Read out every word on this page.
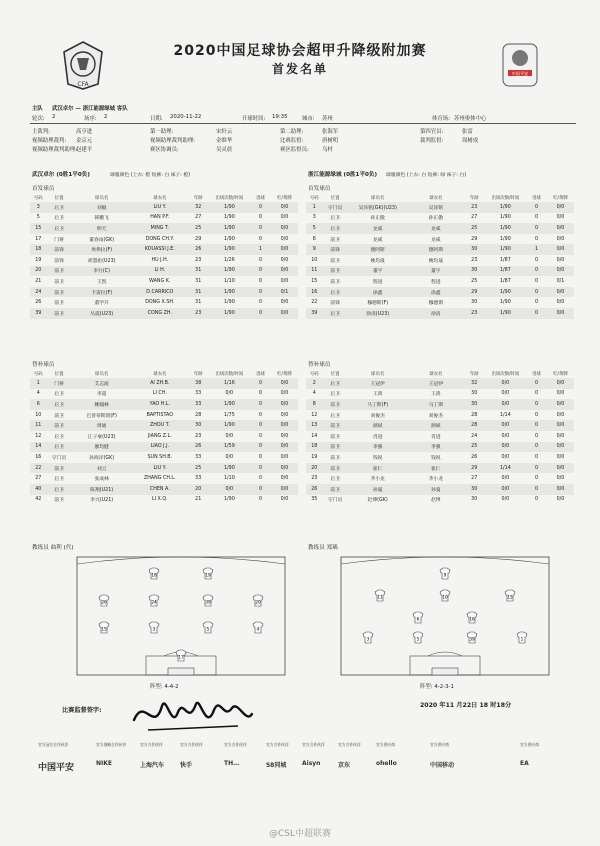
CFA
中国平安
2020中国足球协会超甲升降级附加赛
首发名单
主队 武汉卓尔 — 浙江能源绿城 客队
轮次: 2	场序: 2	日期: 2020-11-22	开球时间: 19:35	城市: 苏州	体育场: 苏州奥体中心
主裁判:	高亨进	第一助理:	宋轩云	第二助理:	张海军	第四官员:	张雷
视频助理裁判: 金京元	视频助理裁判助理:	金维华	比赛监督:	唐树明	裁判监督:	周树成
视频助理裁判助理: 赵建平	赛区协调员:	吴灵晨	赛区监督员: 乌村
武汉卓尔 (0胜1平0负)	球服颜色 (上衣: 橙 短裤: 白 袜子: 橙)	浙江能源绿城 (0胜1平0负) 球服颜色 (上衣: 白 短裤: 绿 袜子: 白)
首发球员	首发球员
号码	位置	球员名	球衣名	年龄	出场次数/时间	进球	红/黄牌
3	后卫	刘毅	LIU Y.	32	1/90	0	0/0
5	后卫	韩鹏飞	HAN P.F.	27	1/90	0	0/0
15	后卫	明天	MING T.	25	1/90	0	0/0
17	门将	董春雨(GK)	DONG CH.Y.	29	1/90	0	0/0
18	前锋	埃弗拉(F)	KOUASSI J.E.	26	1/90	1	0/0
19	前锋	胡慧彪(U23)	HU J.H.	23	1/26	0	0/0
20	前卫	李行(C)	LI H.	31	1/90	0	0/0
21	前卫	王凯	WANG K.	31	1/10	0	0/0
24	前卫	卡雷拉(F)	D.CARRICO	31	1/90	0	0/1
26	前卫	董学升	DONG X.SH.	31	1/90	0	0/0
39	前卫	丛震(U23)	CONG ZH.	23	1/90	0	0/0
号码	位置	球员名	球衣名	年龄	出场次数/时间	进球	红/黄牌
1	守门员	吴泽铭(GK)(U23)	吴泽铭	23	1/90	0	0/0
3	后卫	孙正傲	孙正傲	27	1/90	0	0/0
5	后卫	龙威	龙威	25	1/90	0	0/0
6	前卫	龙威	龙威	29	1/90	0	0/0
9	前锋	德阿斯	德阿斯	30	1/90	1	0/0
10	前卫	姚均晟	姚均晟	23	1/87	0	0/0
11	前卫	董宇	董宇	30	1/87	0	0/0
15	前卫	程进	程进	25	1/87	0	0/1
16	后卫	徐鑫	徐鑫	29	1/90	0	0/0
22	前锋	穆德斯(F)	穆德斯	30	1/90	0	0/0
39	后卫	徐清(U23)	徐清	23	1/90	0	0/0
替补球员	替补球员
号码	位置	球员名	球衣名	年龄	出场次数/时间	进球	红/黄牌
1	门将	艾志波	AI ZH.B.	38	1/16	0	0/0
4	后卫	李超	LI CH.	33	0/0	0	0/0
6	后卫	姚翰林	YAO H.L.	33	1/90	0	0/0
10	前卫	巴普蒂斯塔(F)	BAPTISTAO	28	1/75	0	0/0
11	前卫	周通	ZHOU T.	30	1/90	0	0/0
12	后卫	江子豪(U23)	JIANG Z.L.	23	0/0	0	0/0
14	后卫	廖均健	LIAO J.J.	26	1/59	0	0/0
16	守门员	孙海洋(GK)	SUN SH.B.	33	0/0	0	0/0
22	前卫	刘云	LIU Y.	25	1/90	0	0/0
27	后卫	张成林	ZHANG CH.L.	33	1/10	0	0/0
40	后卫	陈翔(U21)	CHEN A.	20	0/0	0	0/0
42	前卫	李兴(U21)	LI X.Q.	21	1/90	0	0/0
号码	位置	球员名	球衣名	年龄	出场次数/时间	进球	红/黄牌
2	后卫	王冠伊	王冠伊	32	0/0	0	0/0
4	后卫	王鸿	王鸿	30	0/0	0	0/0
8	前卫	马丁斯(F)	马丁斯	30	0/0	0	0/0
12	后卫	刘俊杰	刘俊杰	28	1/14	0	0/0
13	前卫	颜斌	颜斌	28	0/0	0	0/0
14	前卫	肖进	肖进	24	0/0	0	0/0
18	前卫	李强	李强	25	0/0	0	0/0
19	前卫	钱锐	钱锐	26	0/0	0	0/0
20	前卫	崔仁	崔仁	29	1/14	0	0/0
23	后卫	齐小龙	齐小龙	27	0/0	0	0/0
26	前卫	孙曼	孙曼	30	0/0	0	0/0
35	守门员	赵博(GK)	赵博	30	0/0	0	0/0
教练员 曲利 (代)	教练员 郑瑀
18	19
26	24	39	20
15	3	5	4
17
9
11	10	15
6	16
3	5	39	1
阵型: 4-4-2	阵型: 4-2-3-1
比赛监督签字:
2020 年11 月22日 18 时18分
官方冠名合作伙伴
中国平安
官方战略合作伙伴
NIKE
官方合作伙伴
上海汽车
官方合作伙伴
快手
官方合作伙伴
TH…
官方合作伙伴
58同城
官方合作伙伴
Aisyn
官方合作伙伴
京东
官方供应商
ohello
官方供应商
中国移动
官方供应商
EA
@CSL中超联赛
